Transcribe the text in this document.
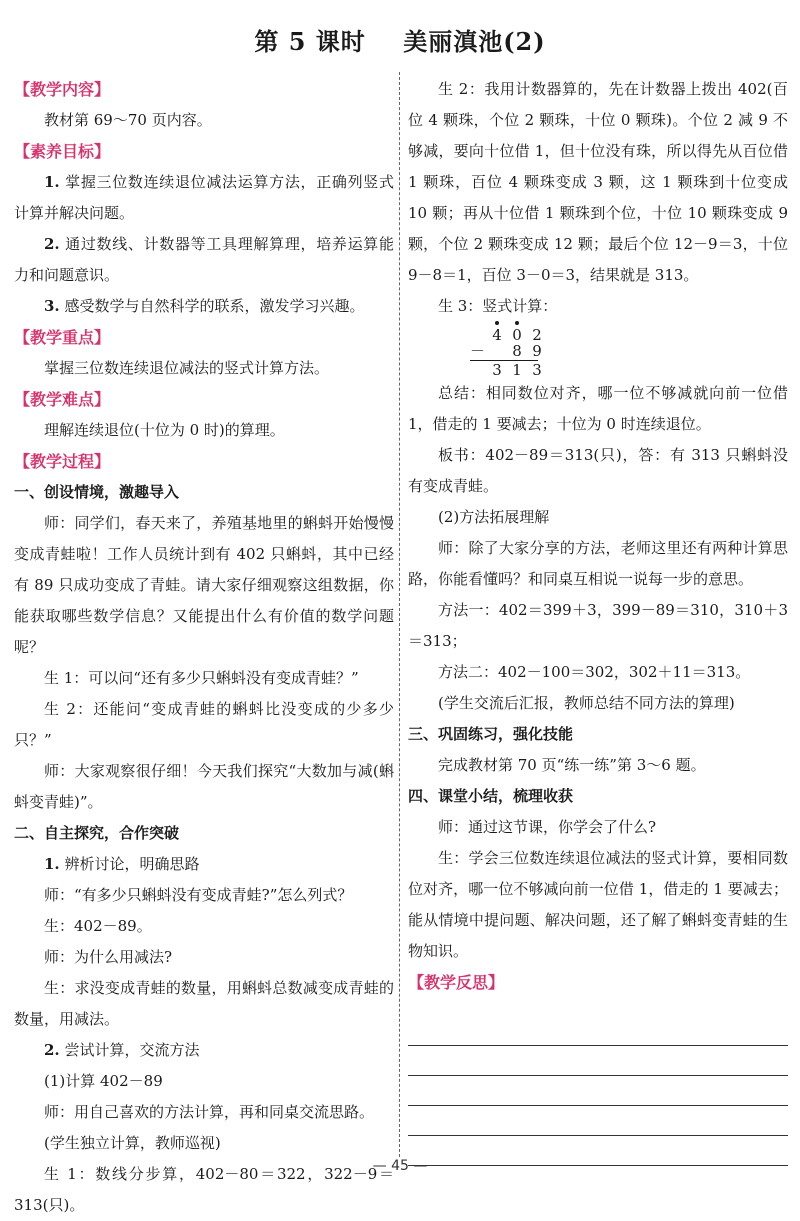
第 5 课时    美丽滇池(2)
【教学内容】

教材第 69～70 页内容。

【素养目标】

1. 掌握三位数连续退位减法运算方法，正确列竖式计算并解决问题。

2. 通过数线、计数器等工具理解算理，培养运算能力和问题意识。

3. 感受数学与自然科学的联系，激发学习兴趣。

【教学重点】

掌握三位数连续退位减法的竖式计算方法。

【教学难点】

理解连续退位(十位为 0 时)的算理。

【教学过程】
一、创设情境，激趣导入

师：同学们，春天来了，养殖基地里的蝌蚪开始慢慢变成青蛙啦！工作人员统计到有 402 只蝌蚪，其中已经有 89 只成功变成了青蛙。请大家仔细观察这组数据，你能获取哪些数学信息？又能提出什么有价值的数学问题呢？

生 1：可以问“还有多少只蝌蚪没有变成青蛙？”

生 2：还能问“变成青蛙的蝌蚪比没变成的少多少只？”

师：大家观察很仔细！今天我们探究“大数加与减(蝌蚪变青蛙)”。

二、自主探究，合作突破

1. 辨析讨论，明确思路

师：“有多少只蝌蚪没有变成青蛙?”怎么列式？

生：402－89。

师：为什么用减法?

生：求没变成青蛙的数量，用蝌蚪总数减变成青蛙的数量，用减法。

2. 尝试计算，交流方法

(1)计算 402－89

师：用自己喜欢的方法计算，再和同桌交流思路。

(学生独立计算，教师巡视)

生 1：数线分步算，402－80＝322，322－9＝313(只)。

生 2：我用计数器算的，先在计数器上拨出 402(百位 4 颗珠，个位 2 颗珠，十位 0 颗珠)。个位 2 减 9 不够减，要向十位借 1，但十位没有珠，所以得先从百位借 1 颗珠，百位 4 颗珠变成 3 颗，这 1 颗珠到十位变成 10 颗；再从十位借 1 颗珠到个位，十位 10 颗珠变成 9 颗，个位 2 颗珠变成 12 颗；最后个位 12－9＝3，十位 9－8＝1，百位 3－0＝3，结果就是 313。

生 3：竖式计算：

4 0 2
－ 8 9
3 1 3

总结：相同数位对齐，哪一位不够减就向前一位借 1，借走的 1 要减去；十位为 0 时连续退位。

板书：402－89＝313(只)，答：有 313 只蝌蚪没有变成青蛙。

(2)方法拓展理解

师：除了大家分享的方法，老师这里还有两种计算思路，你能看懂吗？和同桌互相说一说每一步的意思。

方法一：402＝399＋3，399－89＝310，310＋3＝313；

方法二：402－100＝302，302＋11＝313。

(学生交流后汇报，教师总结不同方法的算理)

三、巩固练习，强化技能

完成教材第 70 页“练一练”第 3～6 题。

四、课堂小结，梳理收获

师：通过这节课，你学会了什么?

生：学会三位数连续退位减法的竖式计算，要相同数位对齐，哪一位不够减向前一位借 1，借走的 1 要减去；能从情境中提问题、解决问题，还了解了蝌蚪变青蛙的生物知识。

【教学反思】
— 45 —
